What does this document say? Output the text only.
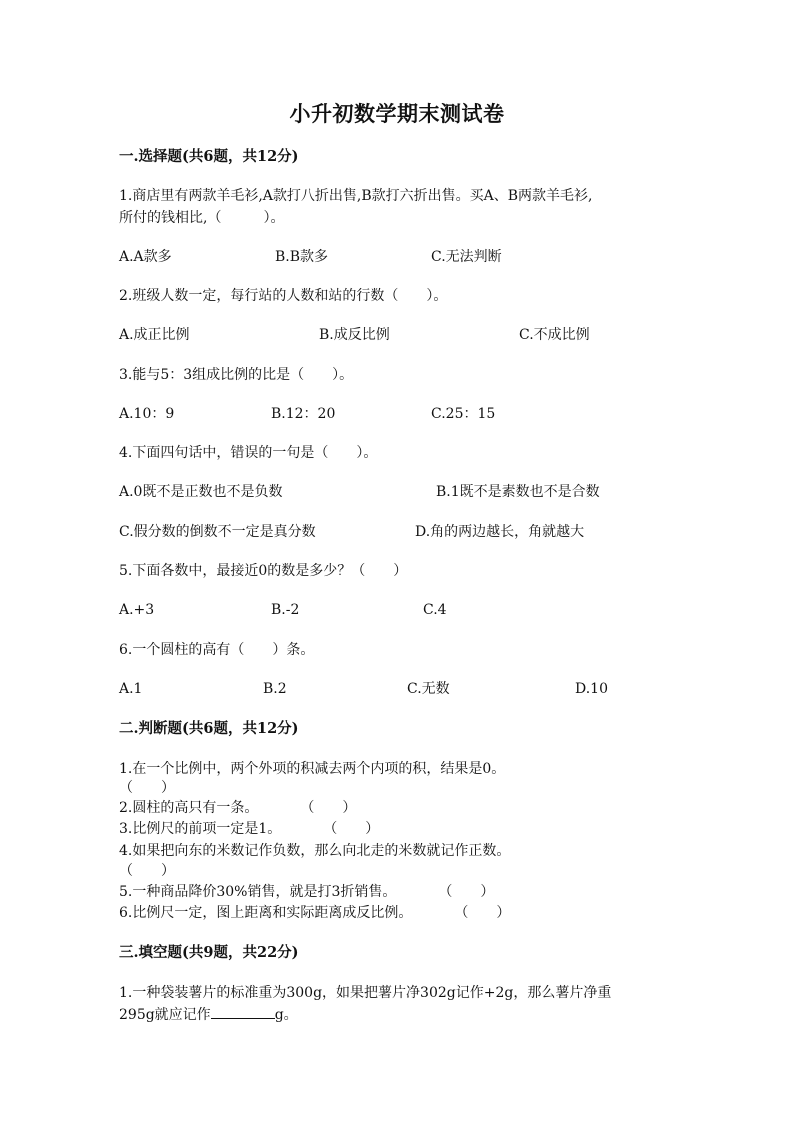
小升初数学期末测试卷
一.选择题(共6题，共12分)
1.商店里有两款羊毛衫,A款打八折出售,B款打六折出售。买A、B两款羊毛衫,
所付的钱相比,（　　　）。
A.A款多	B.B款多	C.无法判断
2.班级人数一定，每行站的人数和站的行数（　　）。
A.成正比例	B.成反比例	C.不成比例
3.能与5：3组成比例的比是（　　）。
A.10：9	B.12：20	C.25：15
4.下面四句话中，错误的一句是（　　）。
A.0既不是正数也不是负数	B.1既不是素数也不是合数
C.假分数的倒数不一定是真分数	D.角的两边越长，角就越大
5.下面各数中，最接近0的数是多少？（　　）
A.+3	B.-2	C.4
6.一个圆柱的高有（　　）条。
A.1	B.2	C.无数	D.10
二.判断题(共6题，共12分)
1.在一个比例中，两个外项的积减去两个内项的积，结果是0。
（　　）
2.圆柱的高只有一条。　　　　（　　）
3.比例尺的前项一定是1。　　　　（　　）
4.如果把向东的米数记作负数，那么向北走的米数就记作正数。
（　　）
5.一种商品降价30%销售，就是打3折销售。　　　　（　　）
6.比例尺一定，图上距离和实际距离成反比例。　　　　（　　）
三.填空题(共9题，共22分)
1.一种袋装薯片的标准重为300g，如果把薯片净302g记作+2g，那么薯片净重
295g就应记作	g。
